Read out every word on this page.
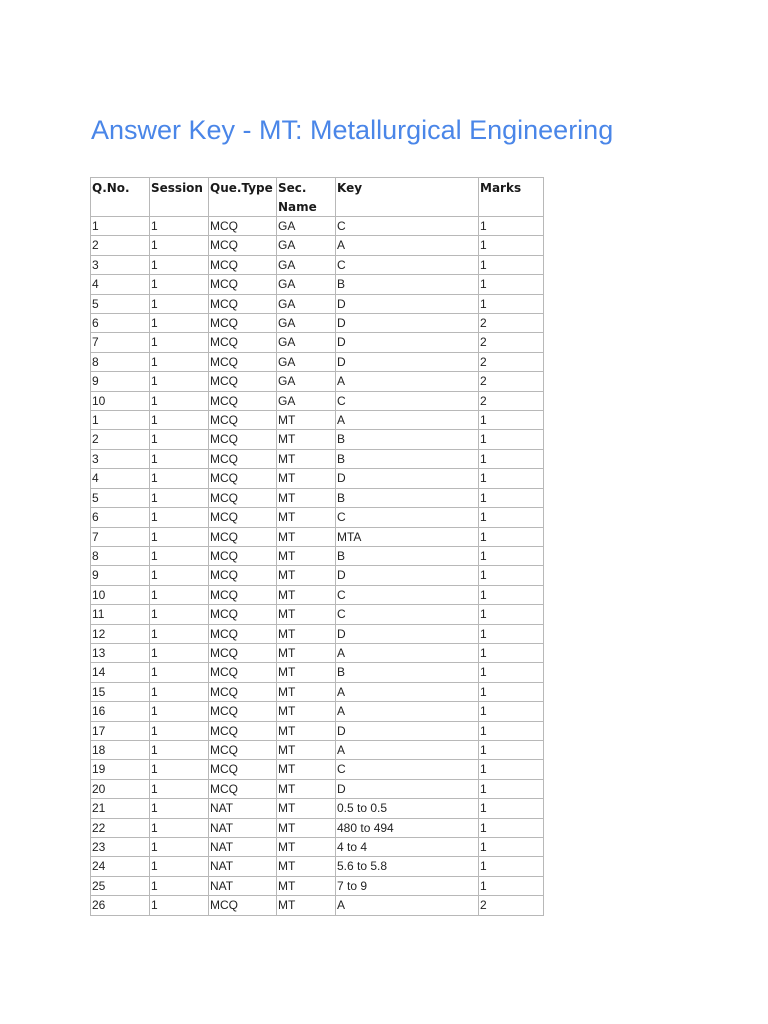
Answer Key - MT: Metallurgical Engineering
Q.No.	Session	Que.Type	Sec. Name	Key	Marks
1	1	MCQ	GA	C	1
2	1	MCQ	GA	A	1
3	1	MCQ	GA	C	1
4	1	MCQ	GA	B	1
5	1	MCQ	GA	D	1
6	1	MCQ	GA	D	2
7	1	MCQ	GA	D	2
8	1	MCQ	GA	D	2
9	1	MCQ	GA	A	2
10	1	MCQ	GA	C	2
1	1	MCQ	MT	A	1
2	1	MCQ	MT	B	1
3	1	MCQ	MT	B	1
4	1	MCQ	MT	D	1
5	1	MCQ	MT	B	1
6	1	MCQ	MT	C	1
7	1	MCQ	MT	MTA	1
8	1	MCQ	MT	B	1
9	1	MCQ	MT	D	1
10	1	MCQ	MT	C	1
11	1	MCQ	MT	C	1
12	1	MCQ	MT	D	1
13	1	MCQ	MT	A	1
14	1	MCQ	MT	B	1
15	1	MCQ	MT	A	1
16	1	MCQ	MT	A	1
17	1	MCQ	MT	D	1
18	1	MCQ	MT	A	1
19	1	MCQ	MT	C	1
20	1	MCQ	MT	D	1
21	1	NAT	MT	0.5 to 0.5	1
22	1	NAT	MT	480 to 494	1
23	1	NAT	MT	4 to 4	1
24	1	NAT	MT	5.6 to 5.8	1
25	1	NAT	MT	7 to 9	1
26	1	MCQ	MT	A	2
